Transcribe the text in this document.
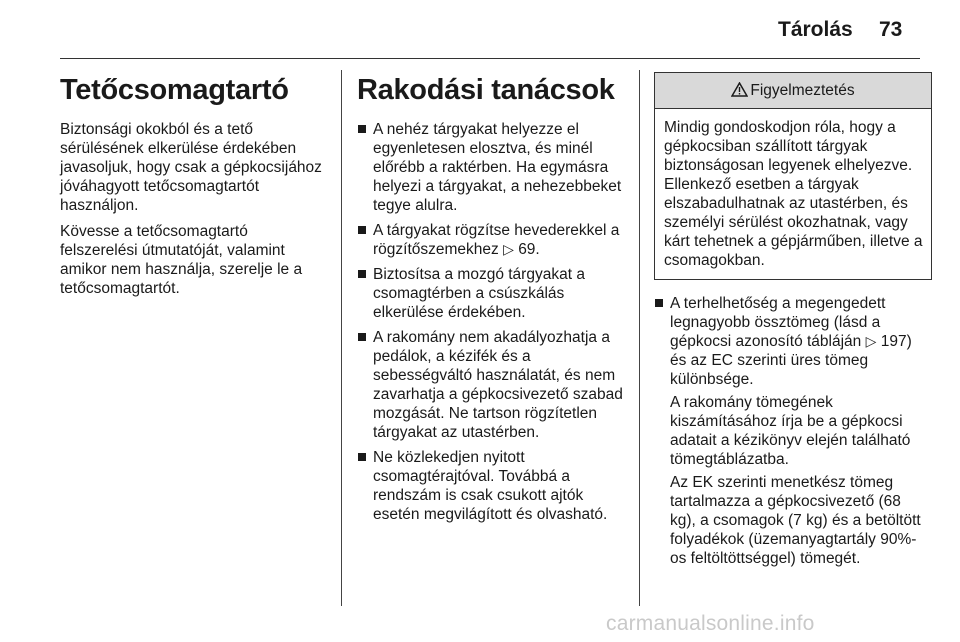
Tárolás 73
Tetőcsomagtartó

Biztonsági okokból és a tető sérülésének elkerülése érdekében javasoljuk, hogy csak a gépkocsijához jóváhagyott tetőcsomagtartót használjon.

Kövesse a tetőcsomagtartó felszerelési útmutatóját, valamint amikor nem használja, szerelje le a tetőcsomagtartót.

Rakodási tanácsok
A nehéz tárgyakat helyezze el egyenletesen elosztva, és minél előrébb a raktérben. Ha egymásra helyezi a tárgyakat, a nehezebbeket tegye alulra.
A tárgyakat rögzítse hevederekkel a rögzítőszemekhez ▷ 69.
Biztosítsa a mozgó tárgyakat a csomagtérben a csúszkálás elkerülése érdekében.
A rakomány nem akadályozhatja a pedálok, a kézifék és a sebességváltó használatát, és nem zavarhatja a gépkocsivezető szabad mozgását. Ne tartson rögzítetlen tárgyakat az utastérben.
Ne közlekedjen nyitott csomagtérajtóval. Továbbá a rendszám is csak csukott ajtók esetén megvilágított és olvasható.
Figyelmeztetés
Mindig gondoskodjon róla, hogy a gépkocsiban szállított tárgyak biztonságosan legyenek elhelyezve. Ellenkező esetben a tárgyak elszabadulhatnak az utastérben, és személyi sérülést okozhatnak, vagy kárt tehetnek a gépjárműben, illetve a csomagokban.
A terhelhetőség a megengedett legnagyobb össztömeg (lásd a gépkocsi azonosító tábláján ▷ 197) és az EC szerinti üres tömeg különbsége.

A rakomány tömegének kiszámításához írja be a gépkocsi adatait a kézikönyv elején található tömegtáblázatba.

Az EK szerinti menetkész tömeg tartalmazza a gépkocsivezető (68 kg), a csomagok (7 kg) és a betöltött folyadékok (üzemanyagtartály 90%-os feltöltöttséggel) tömegét.

carmanualsonline.info
